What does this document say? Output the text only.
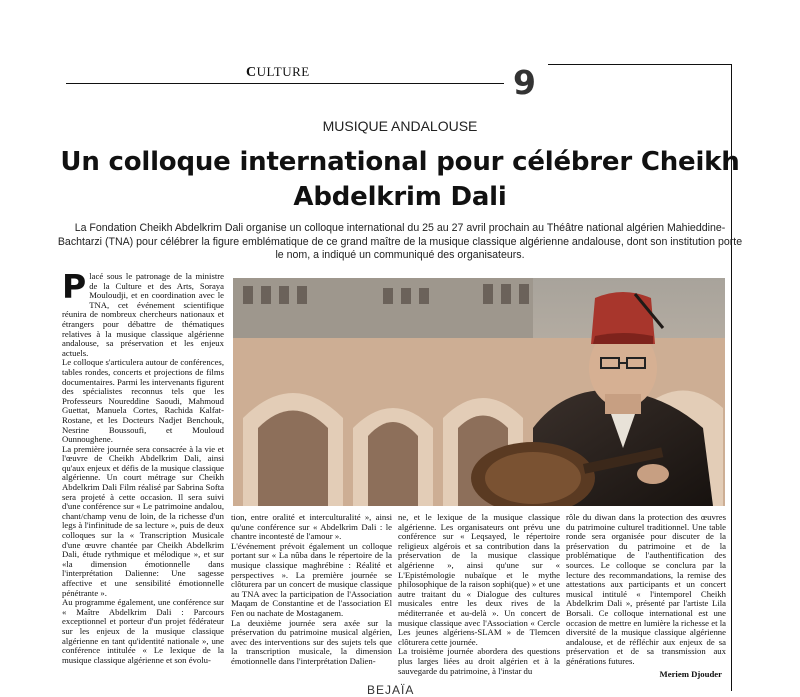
CULTURE	9
MUSIQUE ANDALOUSE
Un colloque international pour célébrer Cheikh Abdelkrim Dali

La Fondation Cheikh Abdelkrim Dali organise un colloque international du 25 au 27 avril prochain au Théâtre national algérien Mahieddine-Bachtarzi (TNA) pour célébrer la figure emblématique de ce grand maître de la musique classique algérienne andalouse, dont son institution porte le nom, a indiqué un communiqué des organisateurs.

P lacé sous le patronage de la ministre de la Culture et des Arts, Soraya Mouloudji, et en coordination avec le TNA, cet événement scientifique réunira de nombreux chercheurs nationaux et étrangers pour débattre de thématiques relatives à la musique classique algérienne andalouse, sa préservation et les enjeux actuels.

Le colloque s'articulera autour de conférences, tables rondes, concerts et projections de films documentaires. Parmi les intervenants figurent des spécialistes reconnus tels que les Professeurs Noureddine Saoudi, Mahmoud Guettat, Manuela Cortes, Rachida Kalfat-Rostane, et les Docteurs Nadjet Benchouk, Nesrine Boussoufi, et Mouloud Ounnoughene.

La première journée sera consacrée à la vie et l'œuvre de Cheikh Abdelkrim Dali, ainsi qu'aux enjeux et défis de la musique classique algérienne. Un court métrage sur Cheikh Abdelkrim Dali Film réalisé par Sabrina Softa sera projeté à cette occasion. Il sera suivi d'une conférence sur « Le patrimoine andalou, chant/champ venu de loin, de la richesse d'un legs à l'infinitude de sa lecture », puis de deux colloques sur la « Transcription Musicale d'une œuvre chantée par Cheikh Abdelkrim Dali, étude rythmique et mélodique », et sur «la dimension émotionnelle dans l'interprétation Dalienne: Une sagesse affective et une sensibilité émotionnelle pénétrante ».

Au programme également, une conférence sur « Maître Abdelkrim Dali : Parcours exceptionnel et porteur d'un projet fédérateur sur les enjeux de la musique classique algérienne en tant qu'identité nationale », une conférence intitulée « Le lexique de la musique classique algérienne et son évolu-

tion, entre oralité et interculturalité », ainsi qu'une conférence sur « Abdelkrim Dali : le chantre incontesté de l'amour ».

L'événement prévoit également un colloque portant sur « La nûba dans le répertoire de la musique classique maghrébine : Réalité et perspectives ». La première journée se clôturera par un concert de musique classique au TNA avec la participation de l'Association Maqam de Constantine et de l'association El Fen ou nachate de Mostaganem.

La deuxième journée sera axée sur la préservation du patrimoine musical algérien, avec des interventions sur des sujets tels que la transcription musicale, la dimension émotionnelle dans l'interprétation Dalien-

ne, et le lexique de la musique classique algérienne. Les organisateurs ont prévu une conférence sur « Leqsayed, le répertoire religieux algérois et sa contribution dans la préservation de la musique classique algérienne », ainsi qu'une sur « L'Epistémologie nubaïque et le mythe philosophique de la raison sophi(que) » et une autre traitant du « Dialogue des cultures musicales entre les deux rives de la méditerranée et au-delà ». Un concert de musique classique avec l'Association « Cercle Les jeunes algériens-SLAM » de Tlemcen clôturera cette journée.

La troisième journée abordera des questions plus larges liées au droit algérien et à la sauvegarde du patrimoine, à l'instar du

rôle du diwan dans la protection des œuvres du patrimoine culturel traditionnel. Une table ronde sera organisée pour discuter de la préservation du patrimoine et de la problématique de l'authentification des sources. Le colloque se conclura par la lecture des recommandations, la remise des attestations aux participants et un concert musical intitulé « l'intemporel Cheikh Abdelkrim Dali », présenté par l'artiste Lila Borsali. Ce colloque international est une occasion de mettre en lumière la richesse et la diversité de la musique classique algérienne andalouse, et de réfléchir aux enjeux de sa préservation et de sa transmission aux générations futures.

Meriem Djouder
BEJAÏA
